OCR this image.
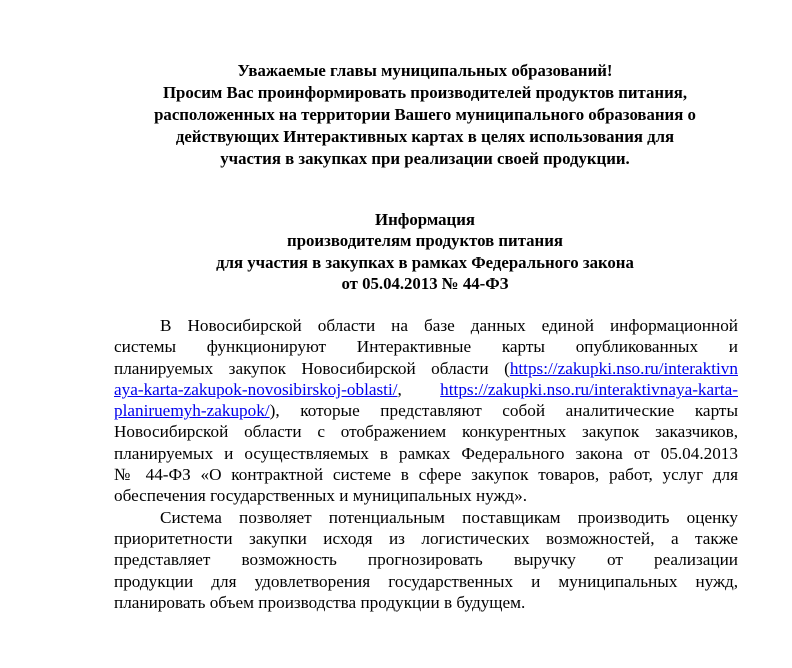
Уважаемые главы муниципальных образований!
Просим Вас проинформировать производителей продуктов питания,
расположенных на территории Вашего муниципального образования о
действующих Интерактивных картах в целях использования для
участия в закупках при реализации своей продукции.
Информация
производителям продуктов питания
для участия в закупках в рамках Федерального закона
от 05.04.2013 № 44-ФЗ
В Новосибирской области на базе данных единой информационной
системы функционируют Интерактивные карты опубликованных и
планируемых закупок Новосибирской области (https://zakupki.nso.ru/interaktivn
aya-karta-zakupok-novosibirskoj-oblasti/, https://zakupki.nso.ru/interaktivnaya-karta-
planiruemyh-zakupok/), которые представляют собой аналитические карты
Новосибирской области с отображением конкурентных закупок заказчиков,
планируемых и осуществляемых в рамках Федерального закона от 05.04.2013
№ 44-ФЗ «О контрактной системе в сфере закупок товаров, работ, услуг для
обеспечения государственных и муниципальных нужд».
Система позволяет потенциальным поставщикам производить оценку
приоритетности закупки исходя из логистических возможностей, а также
представляет возможность прогнозировать выручку от реализации
продукции для удовлетворения государственных и муниципальных нужд,
планировать объем производства продукции в будущем.
